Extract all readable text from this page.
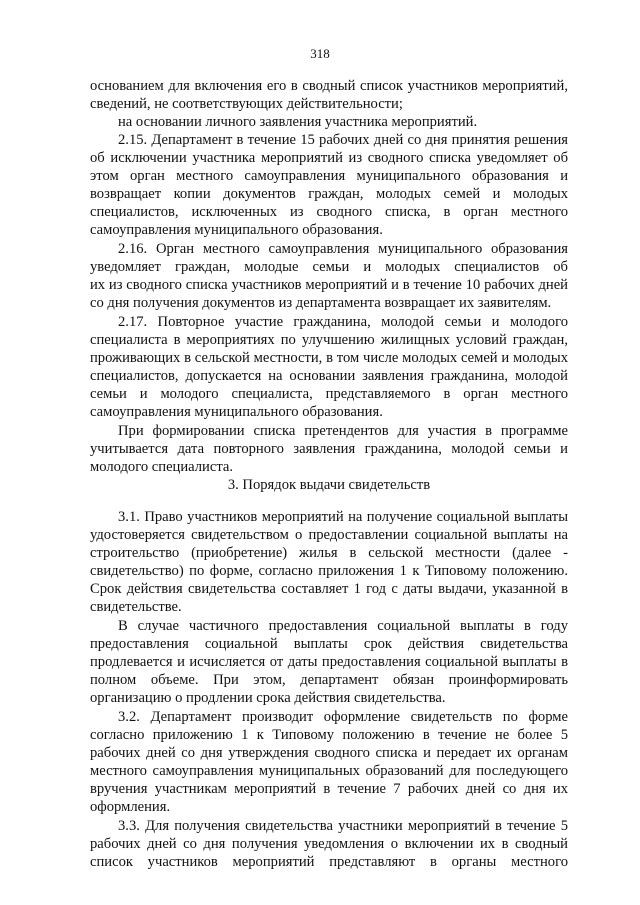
318
основанием для включения его в сводный список участников мероприятий,
сведений, не соответствующих действительности;
на основании личного заявления участника мероприятий.
2.15. Департамент в течение 15 рабочих дней со дня принятия решения
об исключении участника мероприятий из сводного списка уведомляет об
этом орган местного самоуправления муниципального образования и
возвращает копии документов граждан, молодых семей и молодых
специалистов, исключенных из сводного списка, в орган местного
самоуправления муниципального образования.
2.16. Орган местного самоуправления муниципального образования
уведомляет граждан, молодые семьи и молодых специалистов об
их из сводного списка участников мероприятий и в течение 10 рабочих дней
со дня получения документов из департамента возвращает их заявителям.
2.17. Повторное участие гражданина, молодой семьи и молодого
специалиста в мероприятиях по улучшению жилищных условий граждан,
проживающих в сельской местности, в том числе молодых семей и молодых
специалистов, допускается на основании заявления гражданина, молодой
семьи и молодого специалиста, представляемого в орган местного
самоуправления муниципального образования.
При формировании списка претендентов для участия в программе
учитывается дата повторного заявления гражданина, молодой семьи и
молодого специалиста.
3.1. Право участников мероприятий на получение социальной выплаты
удостоверяется свидетельством о предоставлении социальной выплаты на
строительство (приобретение) жилья в сельской местности (далее -
свидетельство) по форме, согласно приложения 1 к Типовому положению.
Срок действия свидетельства составляет 1 год с даты выдачи, указанной в
свидетельстве.
В случае частичного предоставления социальной выплаты в году
предоставления социальной выплаты срок действия свидетельства
продлевается и исчисляется от даты предоставления социальной выплаты в
полном объеме. При этом, департамент обязан проинформировать
организацию о продлении срока действия свидетельства.
3.2. Департамент производит оформление свидетельств по форме
согласно приложению 1 к Типовому положению в течение не более 5
рабочих дней со дня утверждения сводного списка и передает их органам
местного самоуправления муниципальных образований для последующего
вручения участникам мероприятий в течение 7 рабочих дней со дня их
оформления.
3.3. Для получения свидетельства участники мероприятий в течение 5
рабочих дней со дня получения уведомления о включении их в сводный
список участников мероприятий представляют в органы местного
3. Порядок выдачи свидетельств
